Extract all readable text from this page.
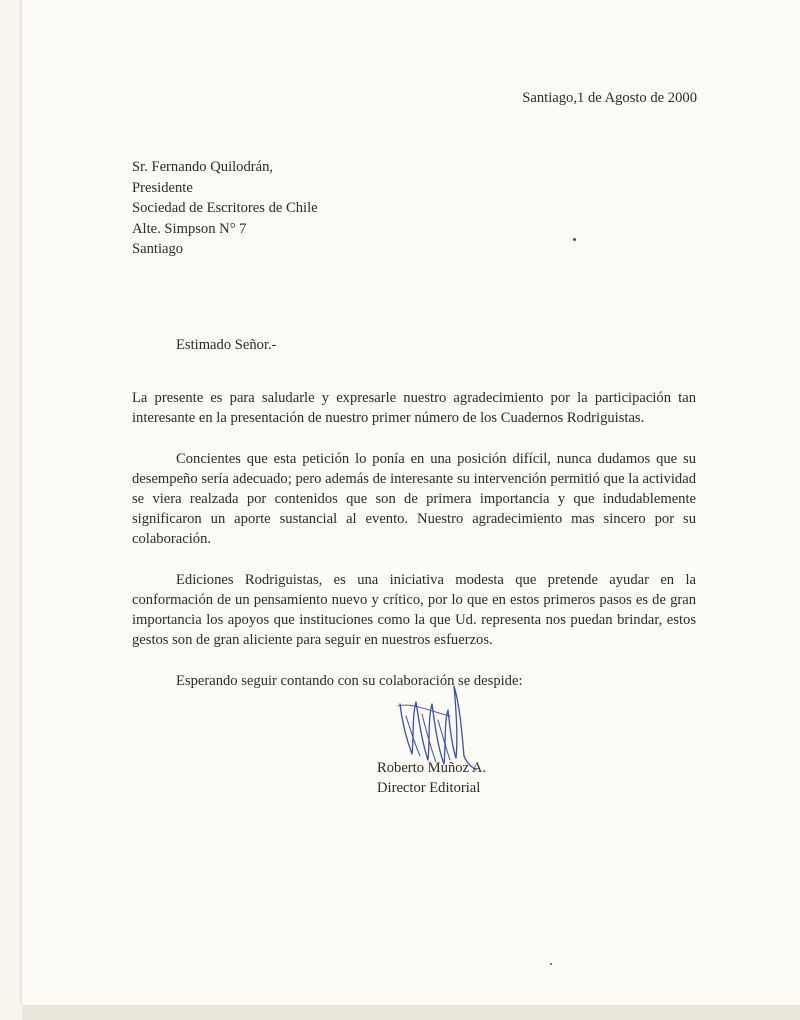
Santiago,1 de Agosto de 2000
Sr. Fernando Quilodrán,
Presidente
Sociedad de Escritores de Chile
Alte. Simpson N° 7
Santiago
Estimado Señor.-

La presente es para saludarle y expresarle nuestro agradecimiento por la participación tan interesante en la presentación de nuestro primer número de los Cuadernos Rodriguistas.

Concientes que esta petición lo ponía en una posición difícil, nunca dudamos que su desempeño sería adecuado; pero además de interesante su intervención permitió que la actividad se viera realzada por contenidos que son de primera importancia y que indudablemente significaron un aporte sustancial al evento. Nuestro agradecimiento mas sincero por su colaboración.

Ediciones Rodriguistas, es una iniciativa modesta que pretende ayudar en la conformación de un pensamiento nuevo y crítico, por lo que en estos primeros pasos es de gran importancia los apoyos que instituciones como la que Ud. representa nos puedan brindar, estos gestos son de gran aliciente para seguir en nuestros esfuerzos.

Esperando seguir contando con su colaboración se despide:

Roberto Muñoz A.
Director Editorial
